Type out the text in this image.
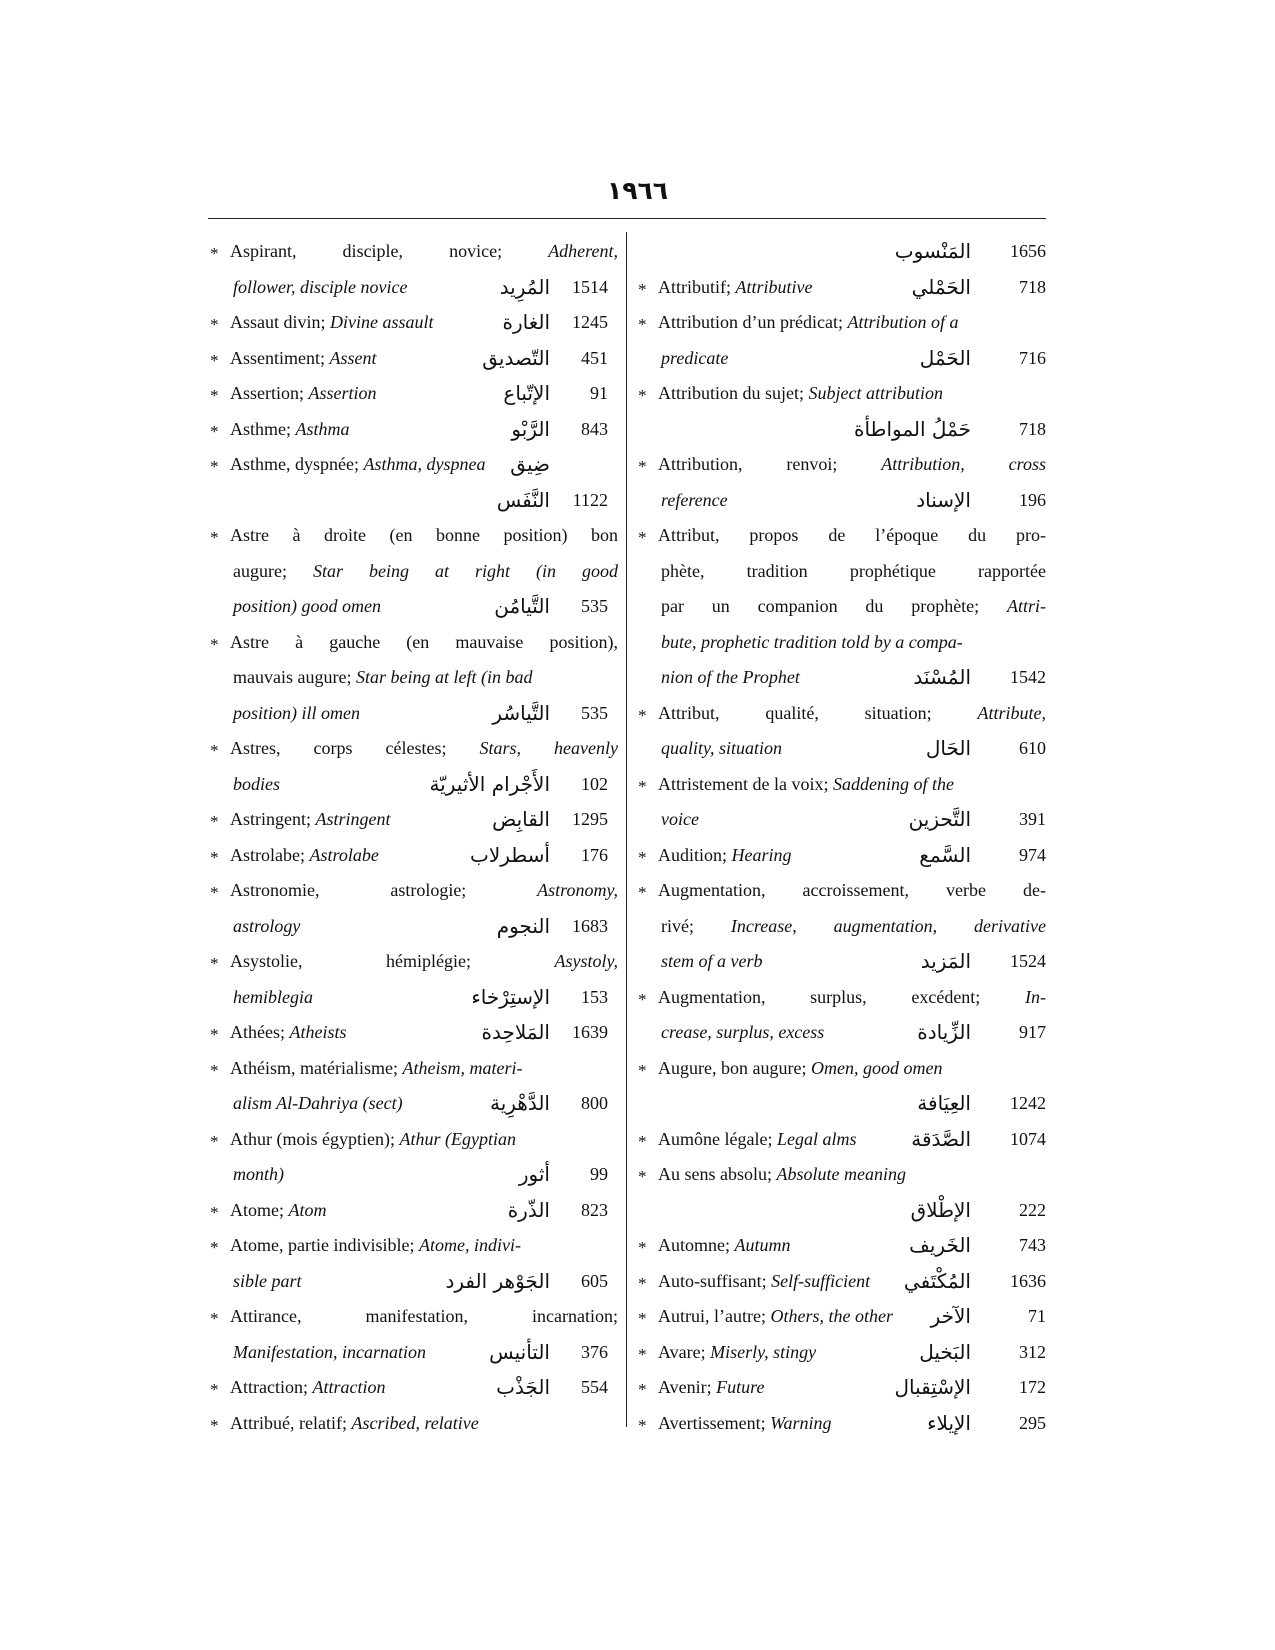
١٩٦٦
* Aspirant, disciple, novice;	Adherent,
follower, disciple novice	المُرِيد 1514
* Assaut divin; Divine assault	الغارة 1245
* Assentiment; Assent	التّصديق 451
* Assertion; Assertion	الإتّباع 91
* Asthme; Asthma	الرَّبْو 843
* Asthme, dyspnée; Asthma, dyspnea ضِيق
النَّفَس 1122
* Astre à droite (en bonne position) bon
augure; Star being at right (in good
position) good omen	التَّيامُن 535
* Astre à gauche (en mauvaise position),
mauvais augure; Star being at left (in bad
position) ill omen	التَّياسُر 535
* Astres, corps célestes; Stars, heavenly
bodies	الأَجْرام الأثيريّة 102
* Astringent; Astringent	القابِض 1295
* Astrolabe; Astrolabe	أسطرلاب 176
* Astronomie, astrologie;	Astronomy,
astrology	النجوم 1683
* Asystolie, hémiplégie;	Asystoly,
hemiblegia	الإستِرْخاء 153
* Athées; Atheists	المَلاحِدة 1639
* Athéism, matérialisme; Atheism, materi-
alism Al-Dahriya (sect)	الدَّهْرِية 800
* Athur (mois égyptien); Athur (Egyptian
month)	أثور 99
* Atome; Atom	الذّرة 823
* Atome, partie indivisible; Atome, indivi-
sible part	الجَوْهر الفرد 605
* Attirance, manifestation, incarnation;
Manifestation, incarnation	التأنيس 376
* Attraction; Attraction	الجَذْب 554
* Attribué, relatif; Ascribed, relative
المَنْسوب 1656
* Attributif; Attributive	الحَمْلي	718
* Attribution d’un prédicat; Attribution of a
predicate	الحَمْل	716
* Attribution du sujet; Subject attribution
حَمْلُ المواطأة	718
* Attribution, renvoi; Attribution, cross
reference	الإسناد	196
* Attribut, propos de l’époque du pro-
phète, tradition prophétique rapportée
par un companion du prophète; Attri-
bute, prophetic tradition told by a compa-
nion of the Prophet	المُسْنَد 1542
* Attribut, qualité, situation;	Attribute,
quality, situation	الحَال	610
* Attristement de la voix; Saddening of the
voice	التَّحزين	391
* Audition; Hearing	السَّمع	974
* Augmentation, accroissement, verbe de-
rivé; Increase, augmentation, derivative
stem of a verb	المَزيد 1524
* Augmentation, surplus, excédent; In-
crease, surplus, excess	الزِّيادة	917
* Augure, bon augure; Omen, good omen
العِيَافة 1242
* Aumône légale; Legal alms	الصَّدَقة 1074
* Au sens absolu; Absolute meaning
الإطْلاق	222
* Automne; Autumn	الخَريف	743
* Auto-suffisant; Self-sufficient المُكْتَفي 1636
* Autrui, l’autre; Others, the other الآخر	71
* Avare; Miserly, stingy	البَخيل	312
* Avenir; Future	الإسْتِقبال	172
* Avertissement; Warning	الإيلاء	295
